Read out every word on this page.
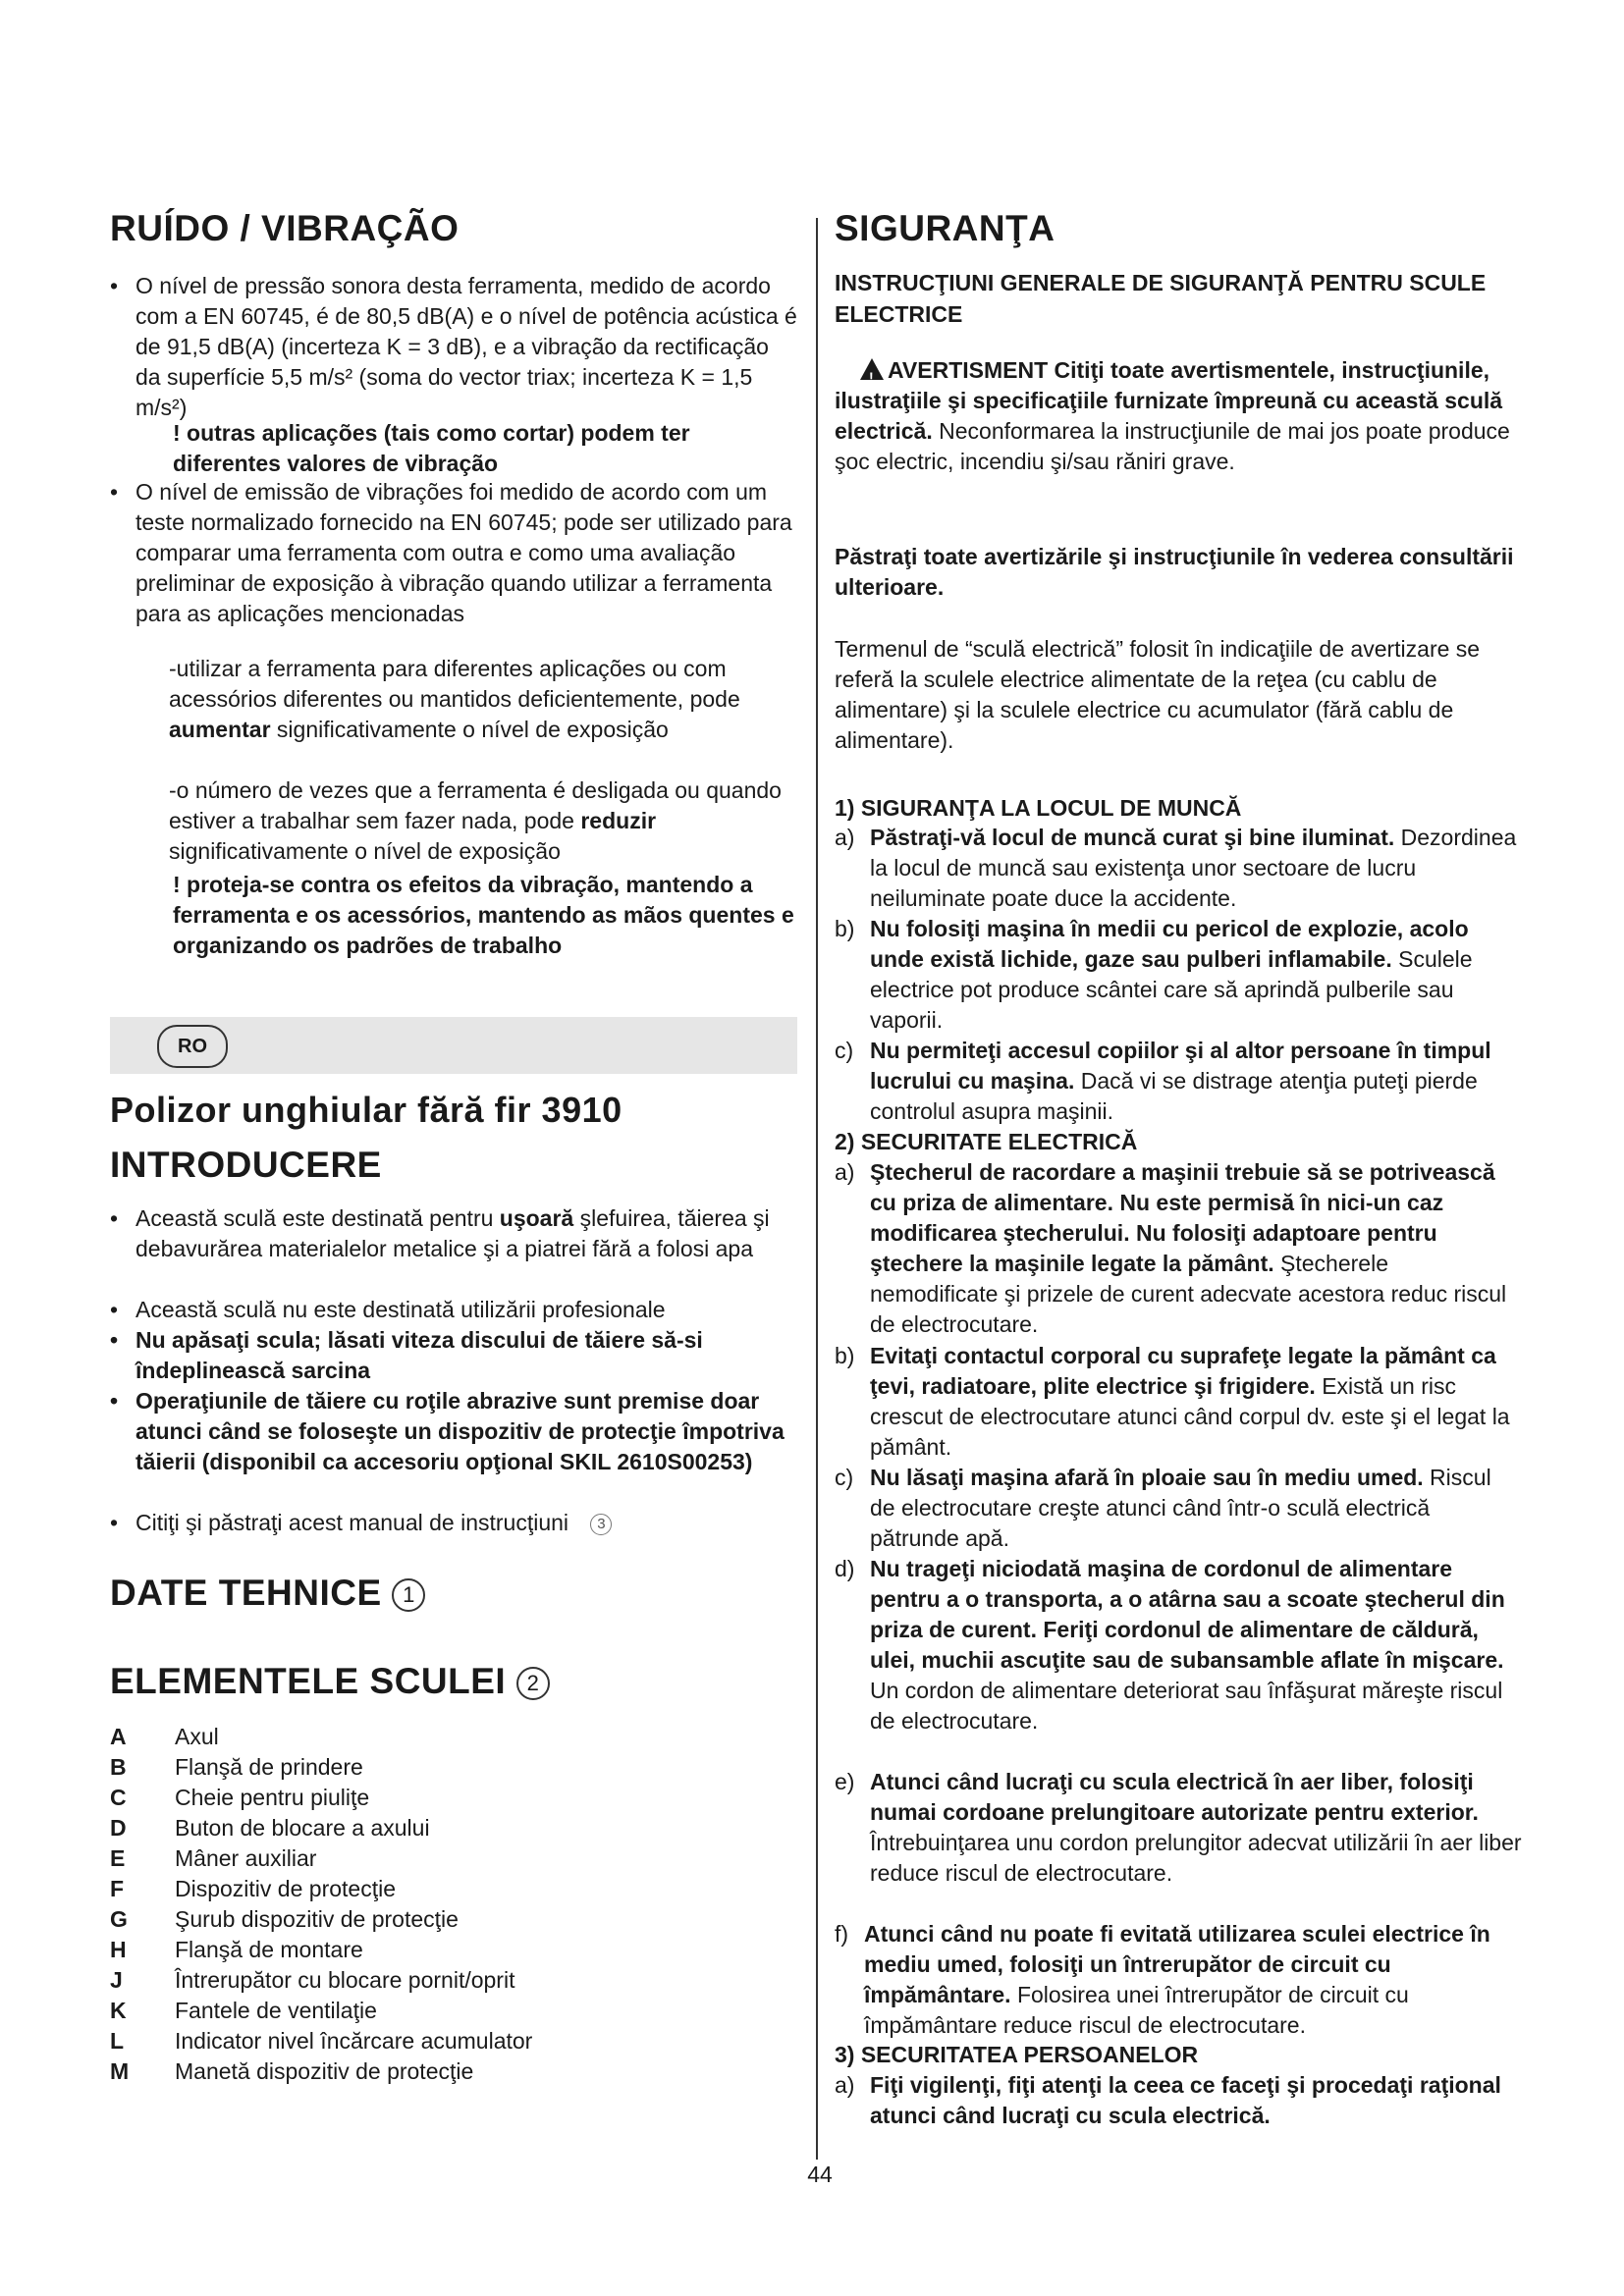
RUÍDO / VIBRAÇÃO
• O nível de pressão sonora desta ferramenta, medido de acordo com a EN 60745, é de 80,5 dB(A) e o nível de potência acústica é de 91,5 dB(A) (incerteza K = 3 dB), e a vibração da rectificação da superfície 5,5 m/s² (soma do vector triax; incerteza K = 1,5 m/s²)
! outras aplicações (tais como cortar) podem ter diferentes valores de vibração
• O nível de emissão de vibrações foi medido de acordo com um teste normalizado fornecido na EN 60745; pode ser utilizado para comparar uma ferramenta com outra e como uma avaliação preliminar de exposição à vibração quando utilizar a ferramenta para as aplicações mencionadas
-utilizar a ferramenta para diferentes aplicações ou com acessórios diferentes ou mantidos deficientemente, pode aumentar significativamente o nível de exposição
-o número de vezes que a ferramenta é desligada ou quando estiver a trabalhar sem fazer nada, pode reduzir significativamente o nível de exposição
! proteja-se contra os efeitos da vibração, mantendo a ferramenta e os acessórios, mantendo as mãos quentes e organizando os padrões de trabalho
RO
Polizor unghiular fără fir 3910
INTRODUCERE
• Această sculă este destinată pentru uşoară şlefuirea, tăierea şi debavurărea materialelor metalice şi a piatrei fără a folosi apa
• Această sculă nu este destinată utilizării profesionale
• Nu apăsaţi scula; lăsati viteza discului de tăiere să-si îndeplinească sarcina
• Operaţiunile de tăiere cu roţile abrazive sunt premise doar atunci când se foloseşte un dispozitiv de protecţie împotriva tăierii (disponibil ca accesoriu opţional SKIL 2610S00253)
• Citiţi şi păstraţi acest manual de instrucţiuni 3
DATE TEHNICE 1
ELEMENTELE SCULEI 2
A Axul
B Flanşă de prindere
C Cheie pentru piuliţe
D Buton de blocare a axului
E Mâner auxiliar
F Dispozitiv de protecţie
G Şurub dispozitiv de protecţie
H Flanşă de montare
J Întrerupător cu blocare pornit/oprit
K Fantele de ventilaţie
L Indicator nivel încărcare acumulator
M Manetă dispozitiv de protecţie
SIGURANŢA
INSTRUCŢIUNI GENERALE DE SIGURANŢĂ PENTRU SCULE ELECTRICE
!AVERTISMENT Citiţi toate avertismentele, instrucţiunile, ilustraţiile şi specificaţiile furnizate împreună cu această sculă electrică. Neconformarea la instrucţiunile de mai jos poate produce şoc electric, incendiu şi/sau răniri grave.
Păstraţi toate avertizările şi instrucţiunile în vederea consultării ulterioare.
Termenul de “sculă electrică” folosit în indicaţiile de avertizare se referă la sculele electrice alimentate de la reţea (cu cablu de alimentare) şi la sculele electrice cu acumulator (fără cablu de alimentare).
1) SIGURANŢA LA LOCUL DE MUNCĂ
a) Păstraţi-vă locul de muncă curat şi bine iluminat. Dezordinea la locul de muncă sau existenţa unor sectoare de lucru neiluminate poate duce la accidente.
b) Nu folosiţi maşina în medii cu pericol de explozie, acolo unde există lichide, gaze sau pulberi inflamabile. Sculele electrice pot produce scântei care să aprindă pulberile sau vaporii.
c) Nu permiteţi accesul copiilor şi al altor persoane în timpul lucrului cu maşina. Dacă vi se distrage atenţia puteţi pierde controlul asupra maşinii.
2) SECURITATE ELECTRICĂ
a) Ştecherul de racordare a maşinii trebuie să se potrivească cu priza de alimentare. Nu este permisă în nici-un caz modificarea ştecherului. Nu folosiţi adaptoare pentru ştechere la maşinile legate la pământ. Ştecherele nemodificate şi prizele de curent adecvate acestora reduc riscul de electrocutare.
b) Evitaţi contactul corporal cu suprafeţe legate la pământ ca ţevi, radiatoare, plite electrice şi frigidere. Există un risc crescut de electrocutare atunci când corpul dv. este şi el legat la pământ.
c) Nu lăsaţi maşina afară în ploaie sau în mediu umed. Riscul de electrocutare creşte atunci când într-o sculă electrică pătrunde apă.
d) Nu trageţi niciodată maşina de cordonul de alimentare pentru a o transporta, a o atârna sau a scoate ştecherul din priza de curent. Feriţi cordonul de alimentare de căldură, ulei, muchii ascuţite sau de subansamble aflate în mişcare. Un cordon de alimentare deteriorat sau înfăşurat măreşte riscul de electrocutare.
e) Atunci când lucraţi cu scula electrică în aer liber, folosiţi numai cordoane prelungitoare autorizate pentru exterior. Întrebuinţarea unu cordon prelungitor adecvat utilizării în aer liber reduce riscul de electrocutare.
f) Atunci când nu poate fi evitată utilizarea sculei electrice în mediu umed, folosiţi un întrerupător de circuit cu împământare. Folosirea unei întrerupător de circuit cu împământare reduce riscul de electrocutare.
3) SECURITATEA PERSOANELOR
a) Fiţi vigilenţi, fiţi atenţi la ceea ce faceţi şi procedaţi raţional atunci când lucraţi cu scula electrică.
44
